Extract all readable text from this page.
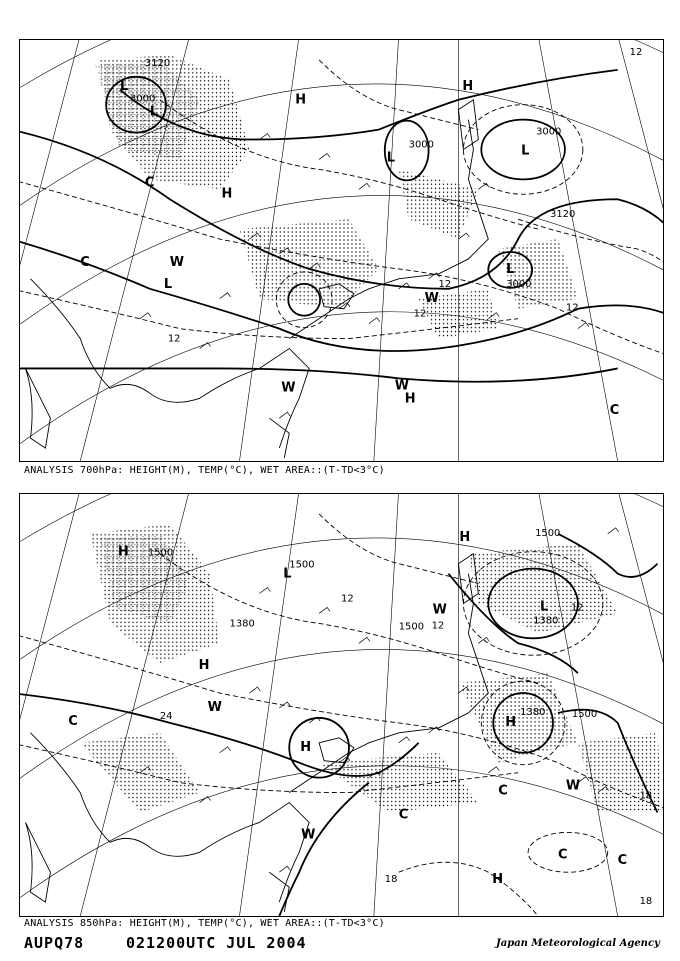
3120
3000
3000
3000
3000
3120
12
12
12
12
12
L
L
L	L
L
L
H
H
H
H
C
C
C
W
W	W
W
ANALYSIS 700hPa: HEIGHT(M), TEMP(°C), WET AREA::(T-TD<3°C)
1500
1500
1500
1500
1500
1380
1380
1380	12
12
12
24
18
18
18
L
L
H
H
H
H
H
H
C
C	C
C
C
W
W
W
W
ANALYSIS 850hPa: HEIGHT(M), TEMP(°C), WET AREA::(T-TD<3°C)
AUPQ78	021200UTC JUL 2004	Japan Meteorological Agency
